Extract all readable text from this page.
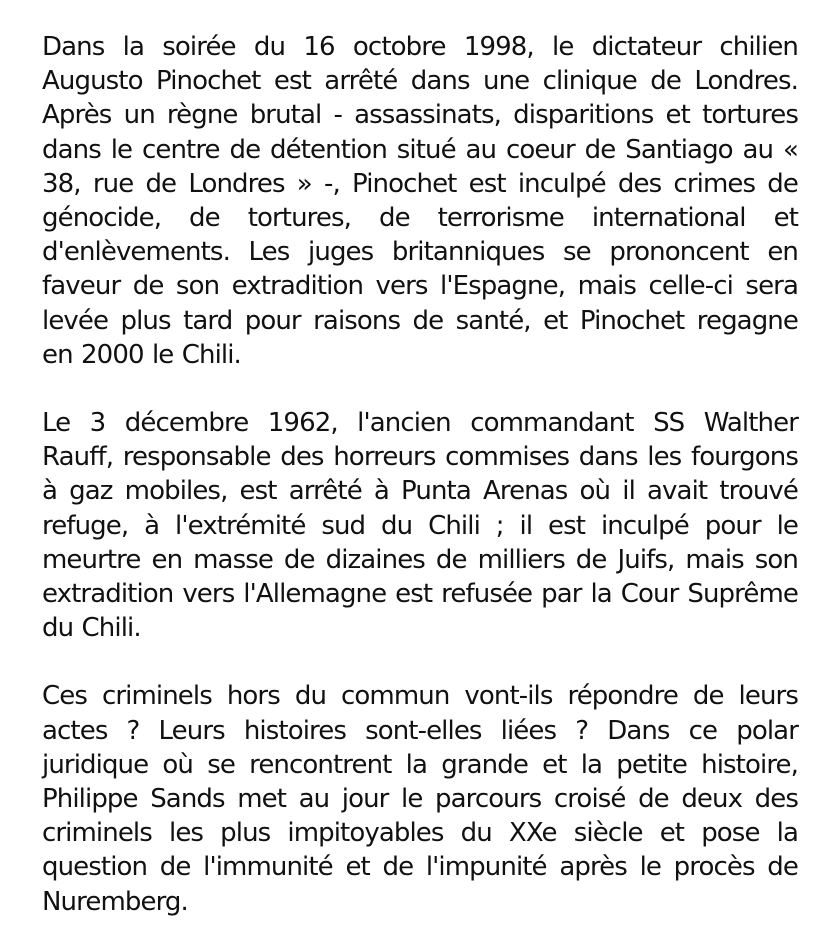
Dans la soirée du 16 octobre 1998, le dictateur chilien Augusto Pinochet est arrêté dans une clinique de Londres. Après un règne brutal - assassinats, disparitions et tortures dans le centre de détention situé au coeur de Santiago au « 38, rue de Londres » -, Pinochet est inculpé des crimes de génocide, de tortures, de terrorisme international et d'enlèvements. Les juges britanniques se prononcent en faveur de son extradition vers l'Espagne, mais celle-ci sera levée plus tard pour raisons de santé, et Pinochet regagne en 2000 le Chili.

Le 3 décembre 1962, l'ancien commandant SS Walther Rauff, responsable des horreurs commises dans les fourgons à gaz mobiles, est arrêté à Punta Arenas où il avait trouvé refuge, à l'extrémité sud du Chili ; il est inculpé pour le meurtre en masse de dizaines de milliers de Juifs, mais son extradition vers l'Allemagne est refusée par la Cour Suprême du Chili.

Ces criminels hors du commun vont-ils répondre de leurs actes ? Leurs histoires sont-elles liées ? Dans ce polar juridique où se rencontrent la grande et la petite histoire, Philippe Sands met au jour le parcours croisé de deux des criminels les plus impitoyables du XXe siècle et pose la question de l'immunité et de l'impunité après le procès de Nuremberg.
